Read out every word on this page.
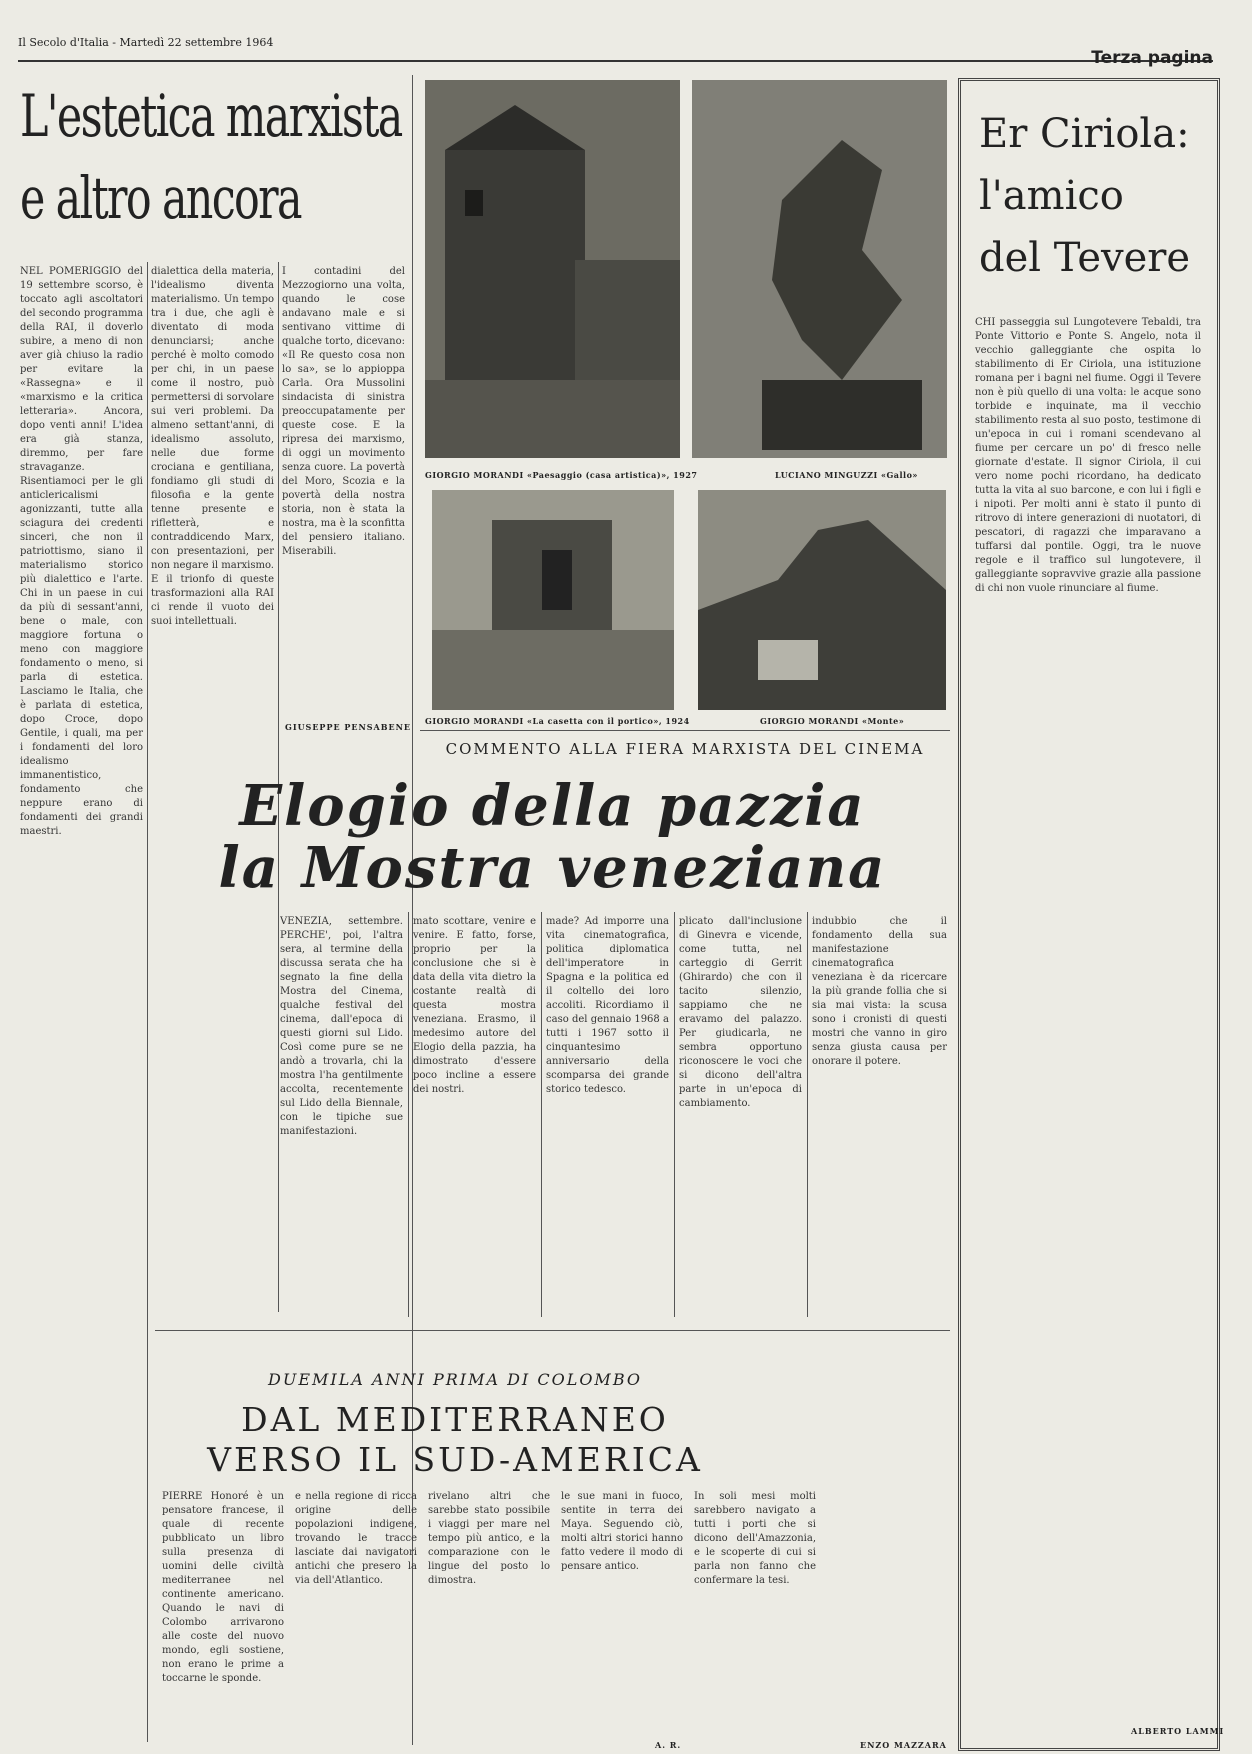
Il Secolo d'Italia - Martedì 22 settembre 1964
Terza pagina
L'estetica marxista
e altro ancora
NEL POMERIGGIO del 19 settembre scorso, è toccato agli ascoltatori del secondo programma della RAI, il doverlo subire, a meno di non aver già chiuso la radio per evitare la «Rassegna» e il «marxismo e la critica letteraria». Ancora, dopo venti anni! L'idea era già stanza, diremmo, per fare stravaganze. Risentiamoci per le gli anticlericalismi agonizzanti, tutte alla sciagura dei credenti sinceri, che non il patriottismo, siano il materialismo storico più dialettico e l'arte. Chi in un paese in cui da più di sessant'anni, bene o male, con maggiore fortuna o meno con maggiore fondamento o meno, si parla di estetica. Lasciamo le Italia, che è parlata di estetica, dopo Croce, dopo Gentile, i quali, ma per i fondamenti del loro idealismo immanentistico, fondamento che neppure erano di fondamenti dei grandi maestri.
dialettica della materia, l'idealismo diventa materialismo. Un tempo tra i due, che agli è diventato di moda denunciarsi; anche perché è molto comodo per chi, in un paese come il nostro, può permettersi di sorvolare sui veri problemi. Da almeno settant'anni, di idealismo assoluto, nelle due forme crociana e gentiliana, fondiamo gli studi di filosofia e la gente tenne presente e rifletterà, e contraddicendo Marx, con presentazioni, per non negare il marxismo. E il trionfo di queste trasformazioni alla RAI ci rende il vuoto dei suoi intellettuali.
I contadini del Mezzogiorno una volta, quando le cose andavano male e si sentivano vittime di qualche torto, dicevano: «Il Re questo cosa non lo sa», se lo appioppa Carla. Ora Mussolini sindacista di sinistra preoccupatamente per queste cose. E la ripresa dei marxismo, di oggi un movimento senza cuore. La povertà del Moro, Scozia e la povertà della nostra storia, non è stata la nostra, ma è la sconfitta del pensiero italiano. Miserabili.
GIUSEPPE PENSABENE
GIORGIO MORANDI «Paesaggio (casa artistica)», 1927	LUCIANO MINGUZZI «Gallo»
GIORGIO MORANDI «La casetta con il portico», 1924	GIORGIO MORANDI «Monte»
COMMENTO ALLA FIERA MARXISTA DEL CINEMA
Elogio della pazzia
la Mostra veneziana
VENEZIA, settembre. PERCHE', poi, l'altra sera, al termine della discussa serata che ha segnato la fine della Mostra del Cinema, qualche festival del cinema, dall'epoca di questi giorni sul Lido. Così come pure se ne andò a trovarla, chi la mostra l'ha gentilmente accolta, recentemente sul Lido della Biennale, con le tipiche sue manifestazioni.
mato scottare, venire e venire. E fatto, forse, proprio per la conclusione che si è data della vita dietro la costante realtà di questa mostra veneziana. Erasmo, il medesimo autore del Elogio della pazzia, ha dimostrato d'essere poco incline a essere dei nostri.
made? Ad imporre una vita cinematografica, politica diplomatica dell'imperatore in Spagna e la politica ed il coltello dei loro accoliti. Ricordiamo il caso del gennaio 1968 a tutti i 1967 sotto il cinquantesimo anniversario della scomparsa dei grande storico tedesco.
plicato dall'inclusione di Ginevra e vicende, come tutta, nel carteggio di Gerrit (Ghirardo) che con il tacito silenzio, sappiamo che ne eravamo del palazzo. Per giudicarla, ne sembra opportuno riconoscere le voci che si dicono dell'altra parte in un'epoca di cambiamento.
indubbio che il fondamento della sua manifestazione cinematografica veneziana è da ricercare la più grande follia che si sia mai vista: la scusa sono i cronisti di questi mostri che vanno in giro senza giusta causa per onorare il potere.
DUEMILA ANNI PRIMA DI COLOMBO
DAL MEDITERRANEO
VERSO IL SUD-AMERICA
PIERRE Honoré è un pensatore francese, il quale di recente pubblicato un libro sulla presenza di uomini delle civiltà mediterranee nel continente americano. Quando le navi di Colombo arrivarono alle coste del nuovo mondo, egli sostiene, non erano le prime a toccarne le sponde.
e nella regione di ricca origine delle popolazioni indigene, trovando le tracce lasciate dai navigatori antichi che presero la via dell'Atlantico.
rivelano altri che sarebbe stato possibile i viaggi per mare nel tempo più antico, e la comparazione con le lingue del posto lo dimostra.
le sue mani in fuoco, sentite in terra dei Maya. Seguendo ciò, molti altri storici hanno fatto vedere il modo di pensare antico.
In soli mesi molti sarebbero navigato a tutti i porti che si dicono dell'Amazzonia, e le scoperte di cui si parla non fanno che confermare la tesi.
A. R.	ENZO MAZZARA
Er Ciriola:
l'amico
del Tevere
CHI passeggia sul Lungotevere Tebaldi, tra Ponte Vittorio e Ponte S. Angelo, nota il vecchio galleggiante che ospita lo stabilimento di Er Ciriola, una istituzione romana per i bagni nel fiume. Oggi il Tevere non è più quello di una volta: le acque sono torbide e inquinate, ma il vecchio stabilimento resta al suo posto, testimone di un'epoca in cui i romani scendevano al fiume per cercare un po' di fresco nelle giornate d'estate. Il signor Ciriola, il cui vero nome pochi ricordano, ha dedicato tutta la vita al suo barcone, e con lui i figli e i nipoti. Per molti anni è stato il punto di ritrovo di intere generazioni di nuotatori, di pescatori, di ragazzi che imparavano a tuffarsi dal pontile. Oggi, tra le nuove regole e il traffico sul lungotevere, il galleggiante sopravvive grazie alla passione di chi non vuole rinunciare al fiume.
ALBERTO LAMMI
